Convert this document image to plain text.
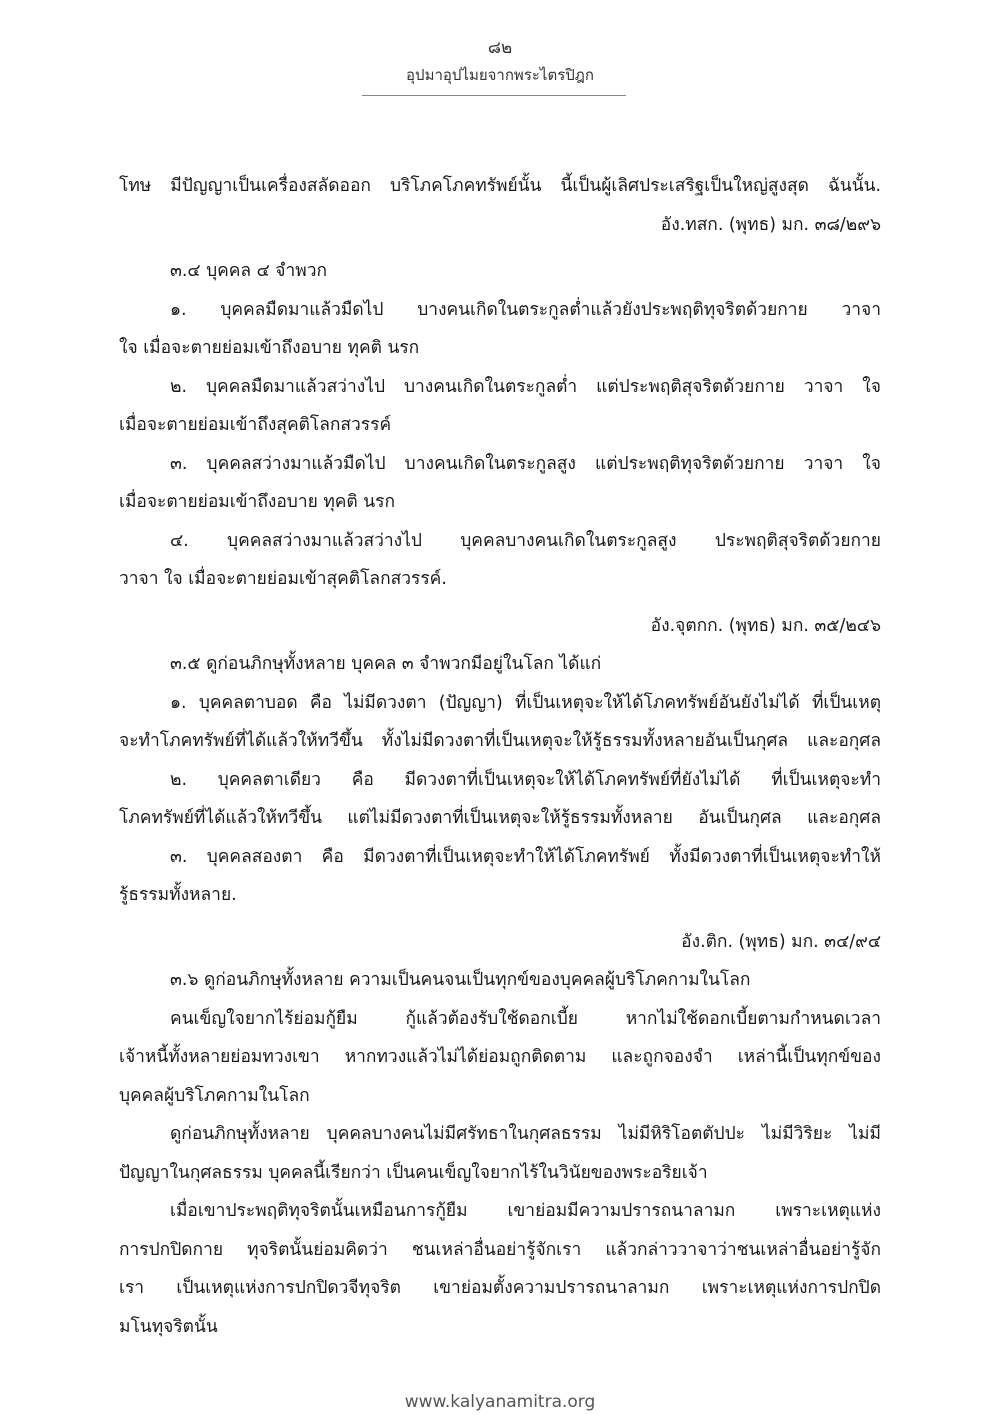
๘๒
อุปมาอุปไมยจากพระไตรปิฎก
โทษ มีปัญญาเป็นเครื่องสลัดออก บริโภคโภคทรัพย์นั้น นี้เป็นผู้เลิศประเสริฐเป็นใหญ่สูงสุด ฉันนั้น.
อัง.ทสก. (พุทธ) มก. ๓๘/๒๙๖
๓.๔ บุคคล ๔ จำพวก
๑. บุคคลมืดมาแล้วมืดไป บางคนเกิดในตระกูลต่ำแล้วยังประพฤติทุจริตด้วยกาย วาจา
ใจ เมื่อจะตายย่อมเข้าถึงอบาย ทุคติ นรก
๒. บุคคลมืดมาแล้วสว่างไป บางคนเกิดในตระกูลต่ำ แต่ประพฤติสุจริตด้วยกาย วาจา ใจ
เมื่อจะตายย่อมเข้าถึงสุคติโลกสวรรค์
๓. บุคคลสว่างมาแล้วมืดไป บางคนเกิดในตระกูลสูง แต่ประพฤติทุจริตด้วยกาย วาจา ใจ
เมื่อจะตายย่อมเข้าถึงอบาย ทุคติ นรก
๔. บุคคลสว่างมาแล้วสว่างไป บุคคลบางคนเกิดในตระกูลสูง ประพฤติสุจริตด้วยกาย
วาจา ใจ เมื่อจะตายย่อมเข้าสุคติโลกสวรรค์.
อัง.จุตกก. (พุทธ) มก. ๓๕/๒๔๖
๓.๕ ดูก่อนภิกษุทั้งหลาย บุคคล ๓ จำพวกมีอยู่ในโลก ได้แก่
๑. บุคคลตาบอด คือ ไม่มีดวงตา (ปัญญา) ที่เป็นเหตุจะให้ได้โภคทรัพย์อันยังไม่ได้ ที่เป็นเหตุ
จะทำโภคทรัพย์ที่ได้แล้วให้ทวีขึ้น ทั้งไม่มีดวงตาที่เป็นเหตุจะให้รู้ธรรมทั้งหลายอันเป็นกุศล และอกุศล
๒. บุคคลตาเดียว คือ มีดวงตาที่เป็นเหตุจะให้ได้โภคทรัพย์ที่ยังไม่ได้ ที่เป็นเหตุจะทำ
โภคทรัพย์ที่ได้แล้วให้ทวีขึ้น แต่ไม่มีดวงตาที่เป็นเหตุจะให้รู้ธรรมทั้งหลาย อันเป็นกุศล และอกุศล
๓. บุคคลสองตา คือ มีดวงตาที่เป็นเหตุจะทำให้ได้โภคทรัพย์ ทั้งมีดวงตาที่เป็นเหตุจะทำให้
รู้ธรรมทั้งหลาย.
อัง.ติก. (พุทธ) มก. ๓๔/๙๔
๓.๖ ดูก่อนภิกษุทั้งหลาย ความเป็นคนจนเป็นทุกข์ของบุคคลผู้บริโภคกามในโลก
คนเข็ญใจยากไร้ย่อมกู้ยืม กู้แล้วต้องรับใช้ดอกเบี้ย หากไม่ใช้ดอกเบี้ยตามกำหนดเวลา
เจ้าหนี้ทั้งหลายย่อมทวงเขา หากทวงแล้วไม่ได้ย่อมถูกติดตาม และถูกจองจำ เหล่านี้เป็นทุกข์ของ
บุคคลผู้บริโภคกามในโลก
ดูก่อนภิกษุทั้งหลาย บุคคลบางคนไม่มีศรัทธาในกุศลธรรม ไม่มีหิริโอตตัปปะ ไม่มีวิริยะ ไม่มี
ปัญญาในกุศลธรรม บุคคลนี้เรียกว่า เป็นคนเข็ญใจยากไร้ในวินัยของพระอริยเจ้า
เมื่อเขาประพฤติทุจริตนั้นเหมือนการกู้ยืม เขาย่อมมีความปรารถนาลามก เพราะเหตุแห่ง
การปกปิดกาย ทุจริตนั้นย่อมคิดว่า ชนเหล่าอื่นอย่ารู้จักเรา แล้วกล่าววาจาว่าชนเหล่าอื่นอย่ารู้จัก
เรา เป็นเหตุแห่งการปกปิดวจีทุจริต เขาย่อมตั้งความปรารถนาลามก เพราะเหตุแห่งการปกปิด
มโนทุจริตนั้น
www.kalyanamitra.org
